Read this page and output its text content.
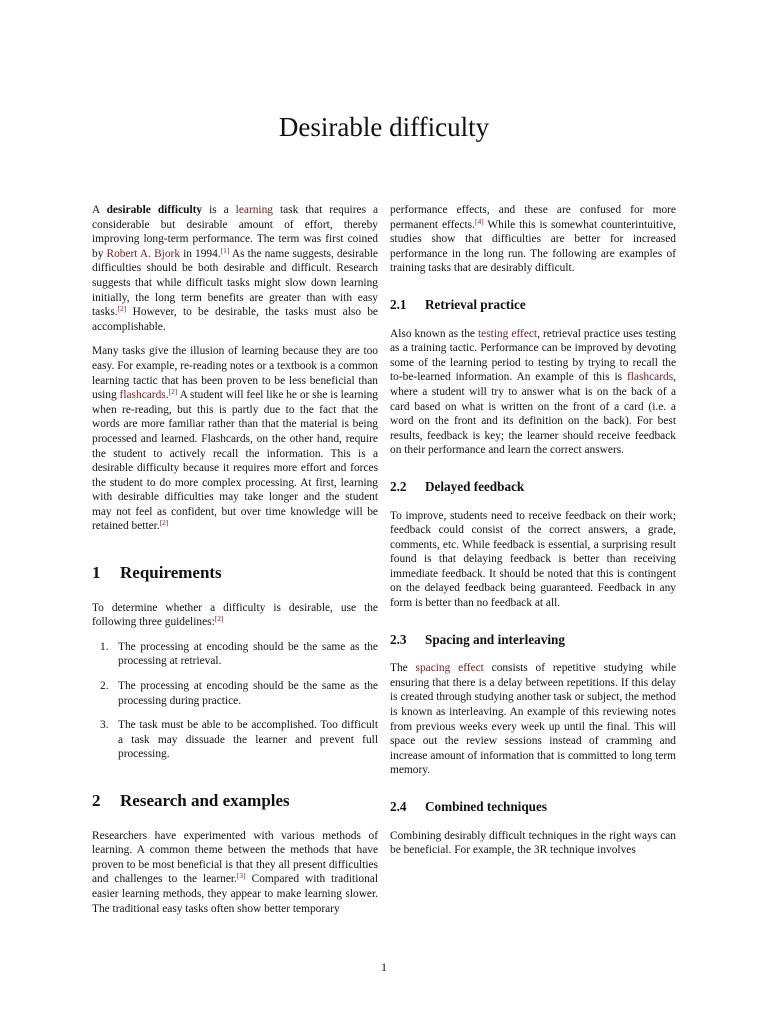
Desirable difficulty

A desirable difficulty is a learning task that requires a considerable but desirable amount of effort, thereby improving long-term performance. The term was first coined by Robert A. Bjork in 1994.[1] As the name suggests, desirable difficulties should be both desirable and difficult. Research suggests that while difficult tasks might slow down learning initially, the long term benefits are greater than with easy tasks.[2] However, to be desirable, the tasks must also be accomplishable.

Many tasks give the illusion of learning because they are too easy. For example, re-reading notes or a textbook is a common learning tactic that has been proven to be less beneficial than using flashcards.[2] A student will feel like he or she is learning when re-reading, but this is partly due to the fact that the words are more familiar rather than that the material is being processed and learned. Flashcards, on the other hand, require the student to actively recall the information. This is a desirable difficulty because it requires more effort and forces the student to do more complex processing. At first, learning with desirable difficulties may take longer and the student may not feel as confident, but over time knowledge will be retained better.[2]

1 Requirements

To determine whether a difficulty is desirable, use the following three guidelines:[2]

1. The processing at encoding should be the same as the processing at retrieval.
2. The processing at encoding should be the same as the processing during practice.
3. The task must be able to be accomplished. Too difficult a task may dissuade the learner and prevent full processing.
2 Research and examples

Researchers have experimented with various methods of learning. A common theme between the methods that have proven to be most beneficial is that they all present difficulties and challenges to the learner.[3] Compared with traditional easier learning methods, they appear to make learning slower. The traditional easy tasks often show better temporary

performance effects, and these are confused for more permanent effects.[4] While this is somewhat counterintuitive, studies show that difficulties are better for increased performance in the long run. The following are examples of training tasks that are desirably difficult.

2.1 Retrieval practice

Also known as the testing effect, retrieval practice uses testing as a training tactic. Performance can be improved by devoting some of the learning period to testing by trying to recall the to-be-learned information. An example of this is flashcards, where a student will try to answer what is on the back of a card based on what is written on the front of a card (i.e. a word on the front and its definition on the back). For best results, feedback is key; the learner should receive feedback on their performance and learn the correct answers.

2.2 Delayed feedback

To improve, students need to receive feedback on their work; feedback could consist of the correct answers, a grade, comments, etc. While feedback is essential, a surprising result found is that delaying feedback is better than receiving immediate feedback. It should be noted that this is contingent on the delayed feedback being guaranteed. Feedback in any form is better than no feedback at all.

2.3 Spacing and interleaving

The spacing effect consists of repetitive studying while ensuring that there is a delay between repetitions. If this delay is created through studying another task or subject, the method is known as interleaving. An example of this reviewing notes from previous weeks every week up until the final. This will space out the review sessions instead of cramming and increase amount of information that is committed to long term memory.

2.4 Combined techniques

Combining desirably difficult techniques in the right ways can be beneficial. For example, the 3R technique involves

1
